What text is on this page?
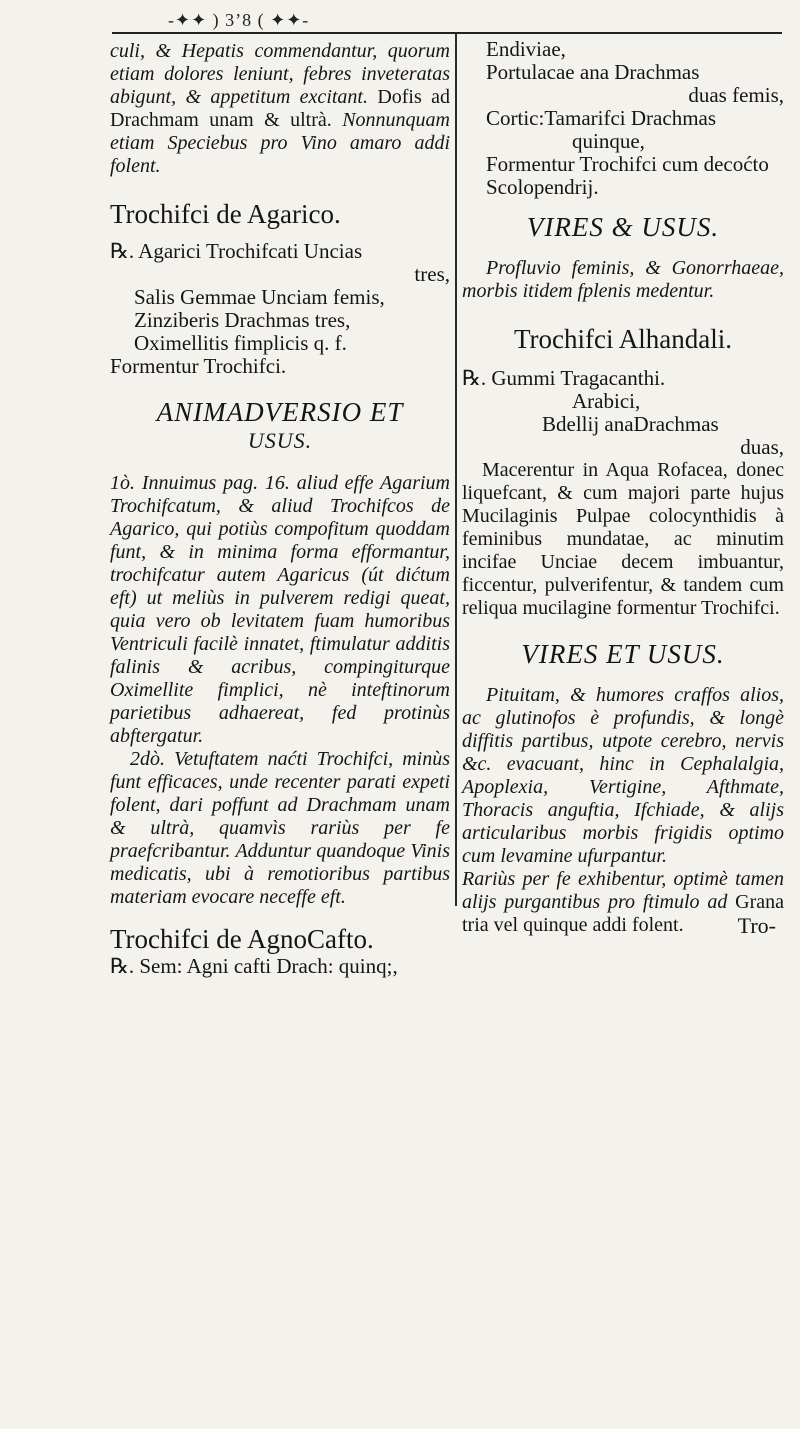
-✦✦ ) 3ʼ8 ( ✦✦-

culi, & Hepatis commendantur, quorum etiam dolores leniunt, febres inveteratas abigunt, & appetitum excitant. Dofis ad Drachmam unam & ultrà. Nonnunquam etiam Speciebus pro Vino amaro addi folent.

Trochifci de Agarico.

℞. Agarici Trochifcati Uncias

tres,

Salis Gemmae Unciam femis,

Zinziberis Drachmas tres,

Oximellitis fimplicis q. f.

Formentur Trochifci.

ANIMADVERSIO ET

USUS.

1ò. Innuimus pag. 16. aliud effe Agarium Trochifcatum, & aliud Trochifcos de Agarico, qui potiùs compofitum quoddam funt, & in minima forma efformantur, trochifcatur autem Agaricus (út dićtum eft) ut meliùs in pulverem redigi queat, quia vero ob levitatem fuam humoribus Ventriculi facilè innatet, ftimulatur additis falinis & acribus, compingiturque Oximellite fimplici, nè inteftinorum parietibus adhaereat, fed protinùs abftergatur.

2dò. Vetuftatem naćti Trochifci, minùs funt efficaces, unde recenter parati expeti folent, dari poffunt ad Drachmam unam & ultrà, quamvìs rariùs per fe praefcribantur. Adduntur quandoque Vinis medicatis, ubi à remotioribus partibus materiam evocare neceffe eft.

Trochifci de AgnoCafto.

℞. Sem: Agni cafti Drach: quinq;,

Endiviae,

Portulacae ana Drachmas

duas femis,

Cortic:Tamarifci Drachmas

quinque,

Formentur Trochifci cum decoćto Scolopendrij.

VIRES & USUS.

Profluvio feminis, & Gonorrhaeae, morbis itidem fplenis medentur.

Trochifci Alhandali.

℞. Gummi Tragacanthi.

Arabici,

Bdellij anaDrachmas

duas,

Macerentur in Aqua Rofacea, donec liquefcant, & cum majori parte hujus Mucilaginis Pulpae colocynthidis à feminibus mundatae, ac minutim incifae Unciae decem imbuantur, ficcentur, pulverifentur, & tandem cum reliqua mucilagine formentur Trochifci.

VIRES ET USUS.

Pituitam, & humores craffos alios, ac glutinofos è profundis, & longè diffitis partibus, utpote cerebro, nervis &c. evacuant, hinc in Cephalalgia, Apoplexia, Vertigine, Afthmate, Thoracis anguftia, Ifchiade, & alijs articularibus morbis frigidis optimo cum levamine ufurpantur.

Rariùs per fe exhibentur, optimè tamen alijs purgantibus pro ftimulo ad Grana tria vel quinque addi folent.	Tro-
